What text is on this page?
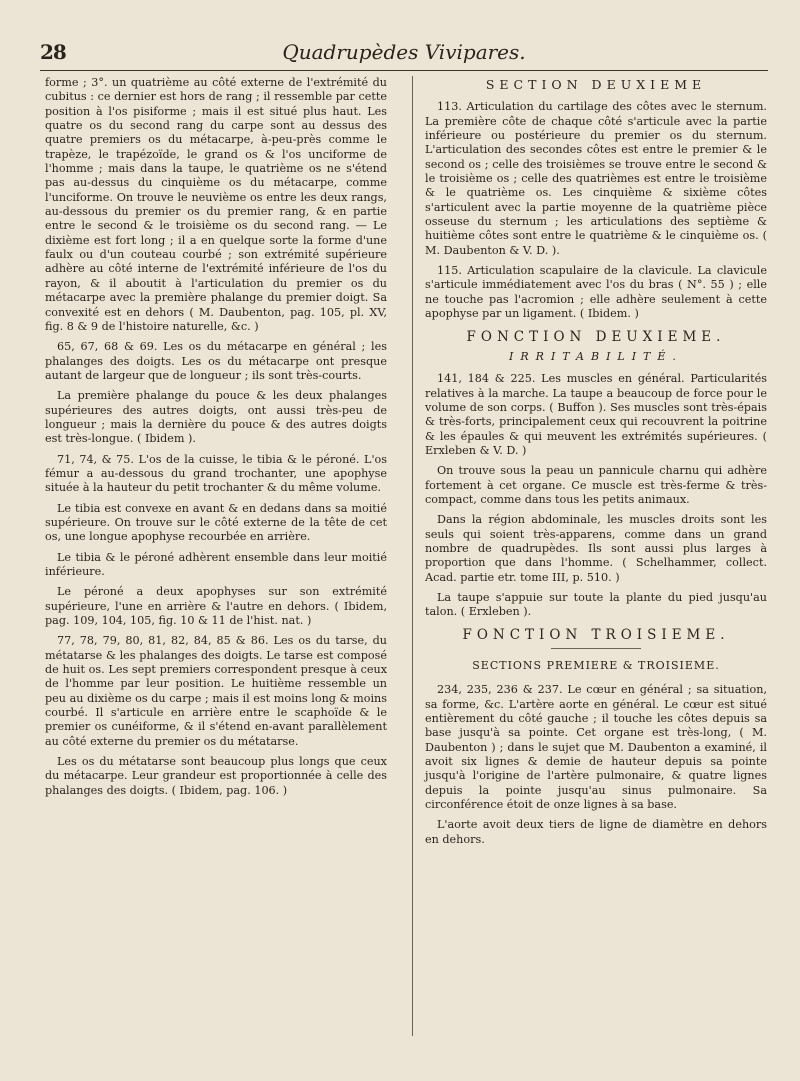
28	Quadrupèdes Vivipares.

forme ; 3°. un quatrième au côté externe de l'extrémité du cubitus : ce dernier est hors de rang ; il ressemble par cette position à l'os pisiforme ; mais il est situé plus haut. Les quatre os du second rang du carpe sont au dessus des quatre premiers os du métacarpe, à-peu-près comme le trapèze, le trapézoïde, le grand os & l'os unciforme de l'homme ; mais dans la taupe, le quatrième os ne s'étend pas au-dessus du cinquième os du métacarpe, comme l'unciforme. On trouve le neuvième os entre les deux rangs, au-dessous du premier os du premier rang, & en partie entre le second & le troisième os du second rang. — Le dixième est fort long ; il a en quelque sorte la forme d'une faulx ou d'un couteau courbé ; son extrémité supérieure adhère au côté interne de l'extrémité inférieure de l'os du rayon, & il aboutit à l'articulation du premier os du métacarpe avec la première phalange du premier doigt. Sa convexité est en dehors ( M. Daubenton, pag. 105, pl. XV, fig. 8 & 9 de l'histoire naturelle, &c. )

65, 67, 68 & 69. Les os du métacarpe en général ; les phalanges des doigts. Les os du métacarpe ont presque autant de largeur que de longueur ; ils sont très-courts.

La première phalange du pouce & les deux phalanges supérieures des autres doigts, ont aussi très-peu de longueur ; mais la dernière du pouce & des autres doigts est très-longue. ( Ibidem ).

71, 74, & 75. L'os de la cuisse, le tibia & le péroné. L'os fémur a au-dessous du grand trochanter, une apophyse située à la hauteur du petit trochanter & du même volume.

Le tibia est convexe en avant & en dedans dans sa moitié supérieure. On trouve sur le côté externe de la tête de cet os, une longue apophyse recourbée en arrière.

Le tibia & le péroné adhèrent ensemble dans leur moitié inférieure.

Le péroné a deux apophyses sur son extrémité supérieure, l'une en arrière & l'autre en dehors. ( Ibidem, pag. 109, 104, 105, fig. 10 & 11 de l'hist. nat. )

77, 78, 79, 80, 81, 82, 84, 85 & 86. Les os du tarse, du métatarse & les phalanges des doigts. Le tarse est composé de huit os. Les sept premiers correspondent presque à ceux de l'homme par leur position. Le huitième ressemble un peu au dixième os du carpe ; mais il est moins long & moins courbé. Il s'articule en arrière entre le scaphoïde & le premier os cunéiforme, & il s'étend en-avant parallèlement au côté externe du premier os du métatarse.

Les os du métatarse sont beaucoup plus longs que ceux du métacarpe. Leur grandeur est proportionnée à celle des phalanges des doigts. ( Ibidem, pag. 106. )

SECTION DEUXIEME

113. Articulation du cartilage des côtes avec le sternum. La première côte de chaque côté s'articule avec la partie inférieure ou postérieure du premier os du sternum. L'articulation des secondes côtes est entre le premier & le second os ; celle des troisièmes se trouve entre le second & le troisième os ; celle des quatrièmes est entre le troisième & le quatrième os. Les cinquième & sixième côtes s'articulent avec la partie moyenne de la quatrième pièce osseuse du sternum ; les articulations des septième & huitième côtes sont entre le quatrième & le cinquième os. ( M. Daubenton & V. D. ).

115. Articulation scapulaire de la clavicule. La clavicule s'articule immédiatement avec l'os du bras ( N°. 55 ) ; elle ne touche pas l'acromion ; elle adhère seulement à cette apophyse par un ligament. ( Ibidem. )

FONCTION DEUXIEME.
IRRITABILITÉ.

141, 184 & 225. Les muscles en général. Particularités relatives à la marche. La taupe a beaucoup de force pour le volume de son corps. ( Buffon ). Ses muscles sont très-épais & très-forts, principalement ceux qui recouvrent la poitrine & les épaules & qui meuvent les extrémités supérieures. ( Erxleben & V. D. )

On trouve sous la peau un pannicule charnu qui adhère fortement à cet organe. Ce muscle est très-ferme & très-compact, comme dans tous les petits animaux.

Dans la région abdominale, les muscles droits sont les seuls qui soient très-apparens, comme dans un grand nombre de quadrupèdes. Ils sont aussi plus larges à proportion que dans l'homme. ( Schelhammer, collect. Acad. partie etr. tome III, p. 510. )

La taupe s'appuie sur toute la plante du pied jusqu'au talon. ( Erxleben ).

FONCTION TROISIEME.
SECTIONS PREMIERE & TROISIEME.

234, 235, 236 & 237. Le cœur en général ; sa situation, sa forme, &c. L'artère aorte en général. Le cœur est situé entièrement du côté gauche ; il touche les côtes depuis sa base jusqu'à sa pointe. Cet organe est très-long, ( M. Daubenton ) ; dans le sujet que M. Daubenton a examiné, il avoit six lignes & demie de hauteur depuis sa pointe jusqu'à l'origine de l'artère pulmonaire, & quatre lignes depuis la pointe jusqu'au sinus pulmonaire. Sa circonférence étoit de onze lignes à sa base.

L'aorte avoit deux tiers de ligne de diamètre en dehors en dehors.
